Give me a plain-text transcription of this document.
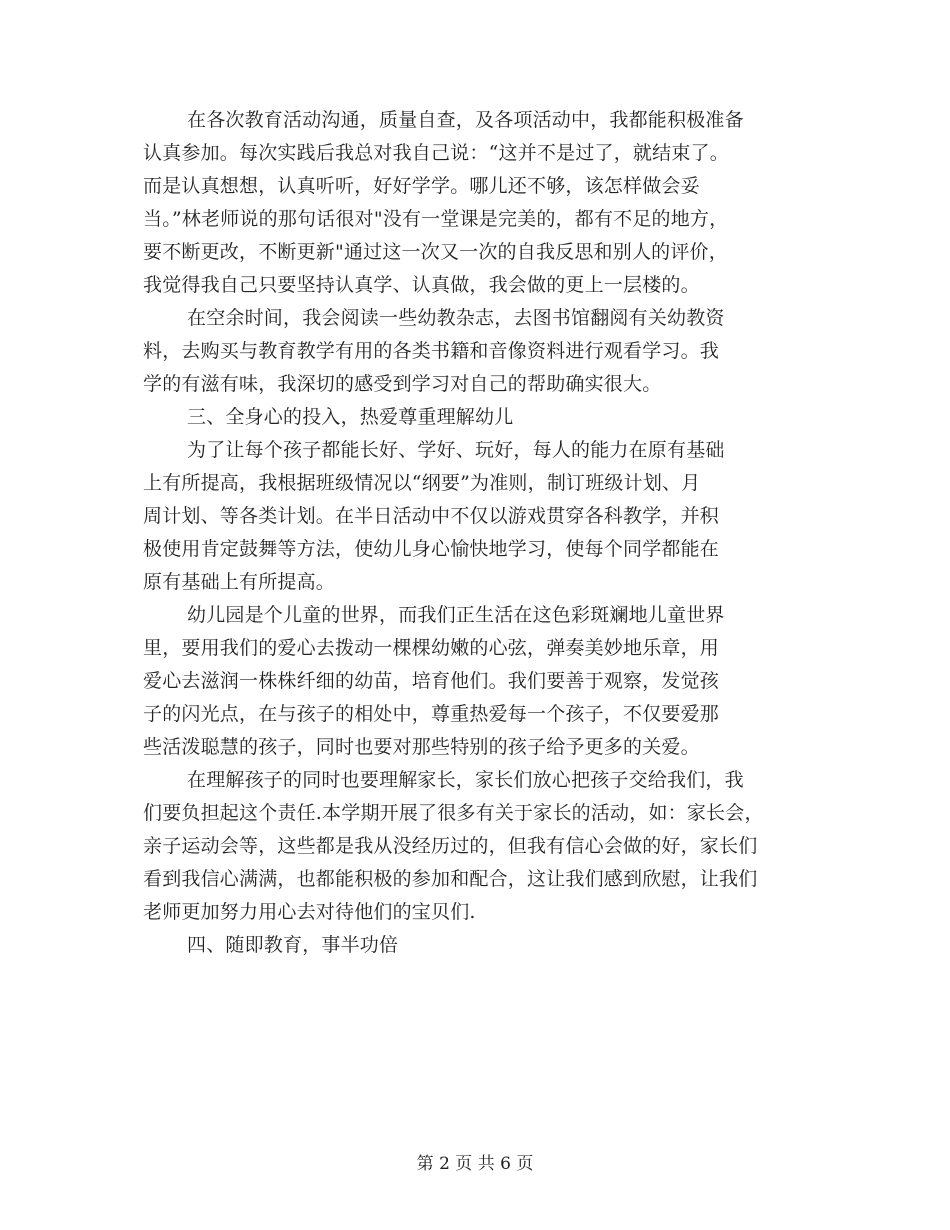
在各次教育活动沟通，质量自查，及各项活动中，我都能积极准备
认真参加。每次实践后我总对我自己说：“这并不是过了，就结束了。
而是认真想想，认真听听，好好学学。哪儿还不够，该怎样做会妥
当。”林老师说的那句话很对"没有一堂课是完美的，都有不足的地方，
要不断更改，不断更新"通过这一次又一次的自我反思和别人的评价，
我觉得我自己只要坚持认真学、认真做，我会做的更上一层楼的。
在空余时间，我会阅读一些幼教杂志，去图书馆翻阅有关幼教资
料，去购买与教育教学有用的各类书籍和音像资料进行观看学习。我
学的有滋有味，我深切的感受到学习对自己的帮助确实很大。
三、全身心的投入，热爱尊重理解幼儿
为了让每个孩子都能长好、学好、玩好，每人的能力在原有基础
上有所提高，我根据班级情况以“纲要”为准则，制订班级计划、月
周计划、等各类计划。在半日活动中不仅以游戏贯穿各科教学，并积
极使用肯定鼓舞等方法，使幼儿身心愉快地学习，使每个同学都能在
原有基础上有所提高。
幼儿园是个儿童的世界，而我们正生活在这色彩斑斓地儿童世界
里，要用我们的爱心去拨动一棵棵幼嫩的心弦，弹奏美妙地乐章，用
爱心去滋润一株株纤细的幼苗，培育他们。我们要善于观察，发觉孩
子的闪光点，在与孩子的相处中，尊重热爱每一个孩子，不仅要爱那
些活泼聪慧的孩子，同时也要对那些特别的孩子给予更多的关爱。
在理解孩子的同时也要理解家长，家长们放心把孩子交给我们，我
们要负担起这个责任.本学期开展了很多有关于家长的活动，如：家长会，
亲子运动会等，这些都是我从没经历过的，但我有信心会做的好，家长们
看到我信心满满，也都能积极的参加和配合，这让我们感到欣慰，让我们
老师更加努力用心去对待他们的宝贝们.
四、随即教育，事半功倍
第 2 页 共 6 页
